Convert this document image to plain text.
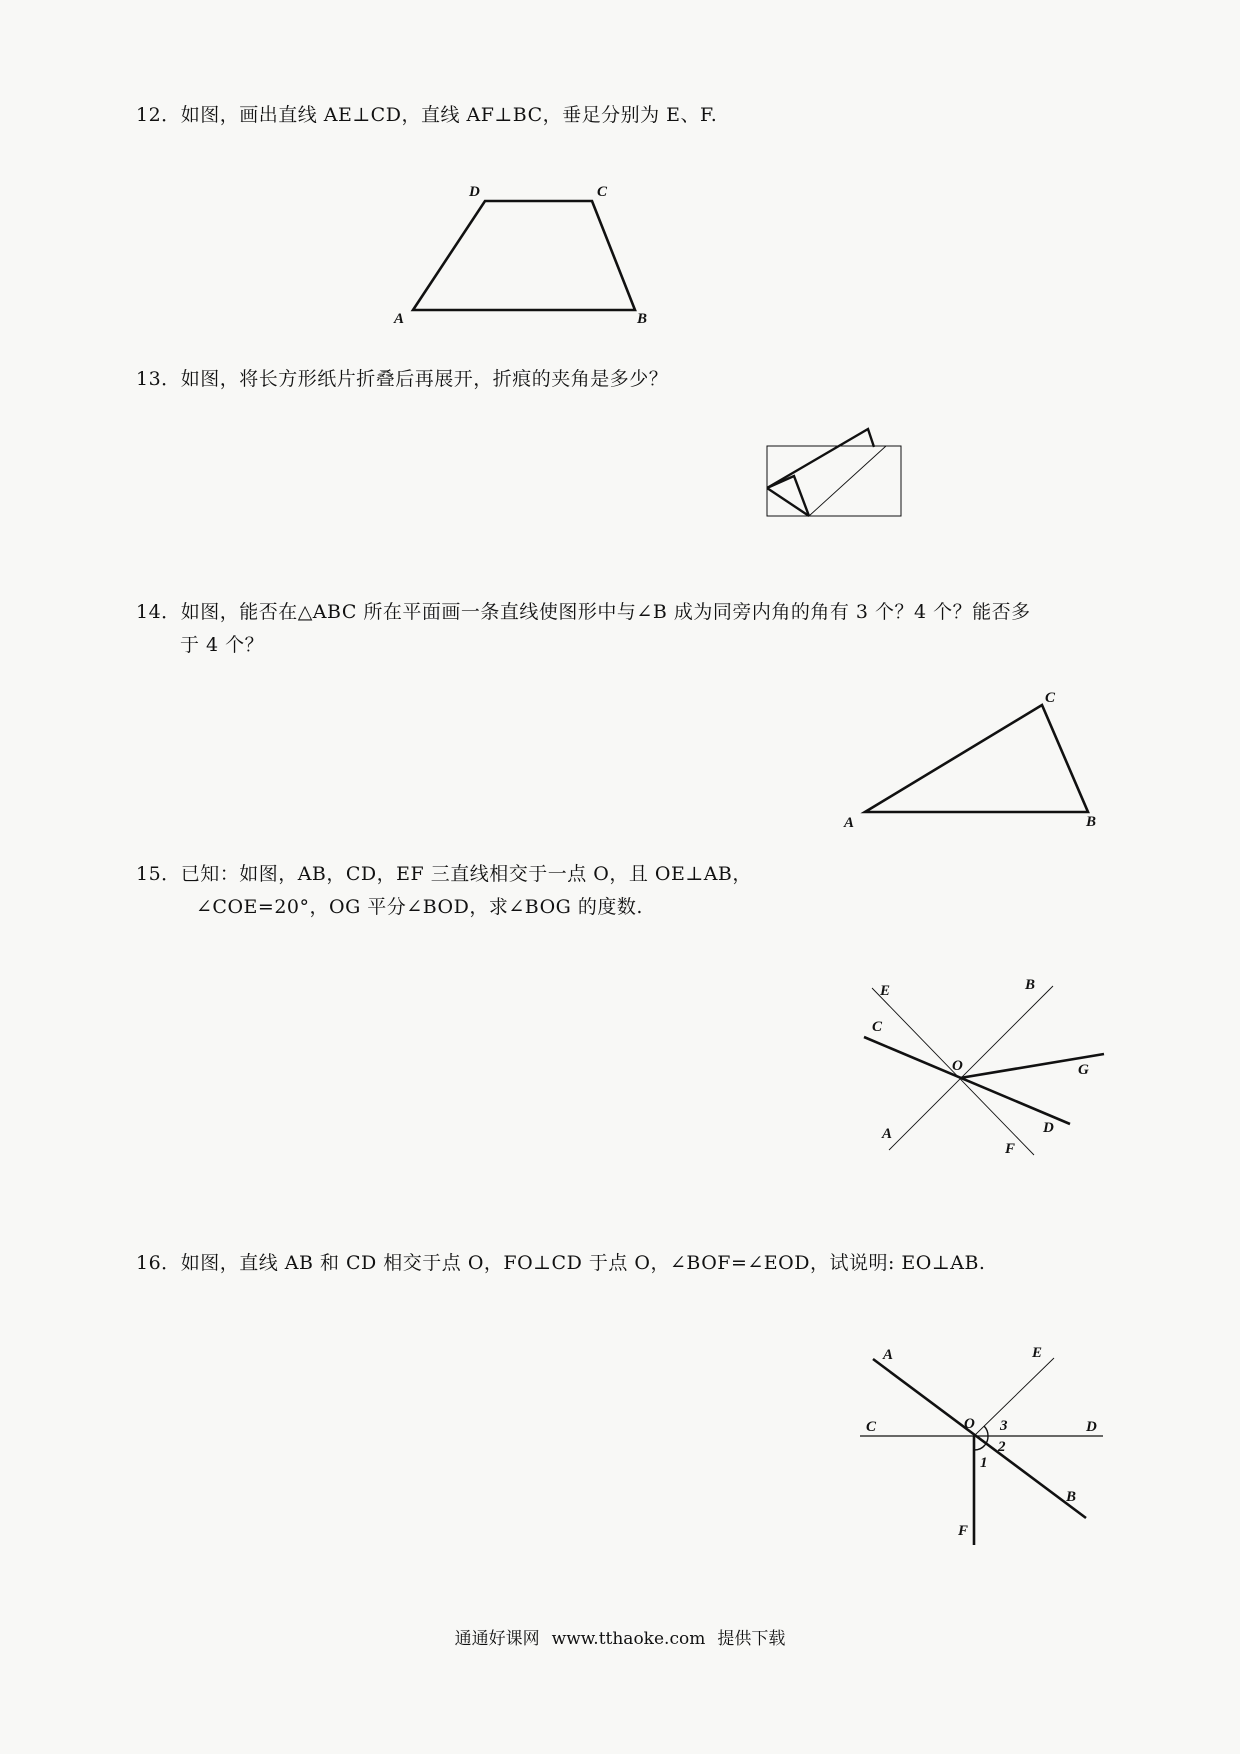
12．如图，画出直线 AE⊥CD，直线 AF⊥BC，垂足分别为 E、F.
A	B
C
D
13．如图，将长方形纸片折叠后再展开，折痕的夹角是多少？
14．如图，能否在△ABC 所在平面画一条直线使图形中与∠B 成为同旁内角的角有 3 个？4 个？能否多
于 4 个？
A	B
C
15．已知：如图，AB，CD，EF 三直线相交于一点 O，且 OE⊥AB，
∠COE=20°，OG 平分∠BOD，求∠BOG 的度数.
A
B
C
D
E
F
G
O
16．如图，直线 AB 和 CD 相交于点 O，FO⊥CD 于点 O，∠BOF=∠EOD，试说明: EO⊥AB.
A
B
C	D
E
F
O
1
2
3
通通好课网 www.tthaoke.com 提供下载
